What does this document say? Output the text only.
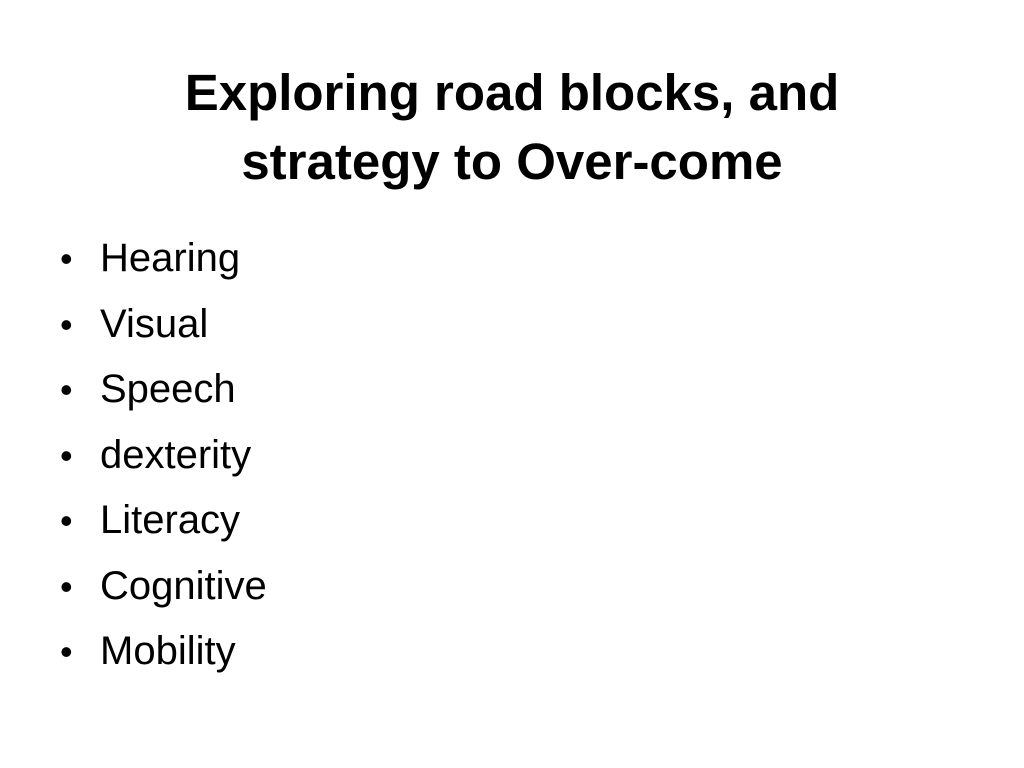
Exploring road blocks, and
strategy to Over-come
• Hearing
• Visual
• Speech
• dexterity
• Literacy
• Cognitive
• Mobility
